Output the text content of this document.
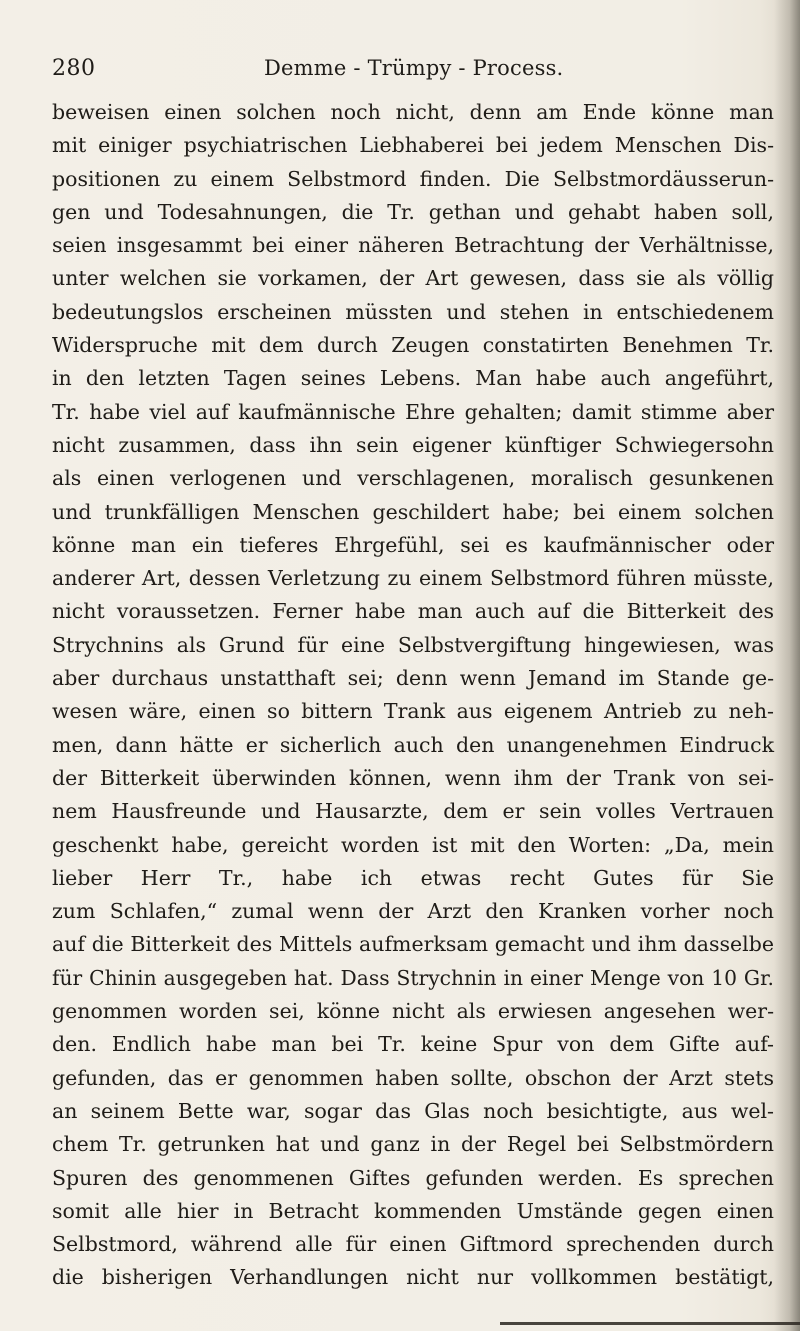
280	Demme - Trümpy - Process.
beweisen einen solchen noch nicht, denn am Ende könne man
mit einiger psychiatrischen Liebhaberei bei jedem Menschen Dis-
positionen zu einem Selbstmord finden. Die Selbstmordäusserun-
gen und Todesahnungen, die Tr. gethan und gehabt haben soll,
seien insgesammt bei einer näheren Betrachtung der Verhältnisse,
unter welchen sie vorkamen, der Art gewesen, dass sie als völlig
bedeutungslos erscheinen müssten und stehen in entschiedenem
Widerspruche mit dem durch Zeugen constatirten Benehmen Tr.
in den letzten Tagen seines Lebens. Man habe auch angeführt,
Tr. habe viel auf kaufmännische Ehre gehalten; damit stimme aber
nicht zusammen, dass ihn sein eigener künftiger Schwiegersohn
als einen verlogenen und verschlagenen, moralisch gesunkenen
und trunkfälligen Menschen geschildert habe; bei einem solchen
könne man ein tieferes Ehrgefühl, sei es kaufmännischer oder
anderer Art, dessen Verletzung zu einem Selbstmord führen müsste,
nicht voraussetzen. Ferner habe man auch auf die Bitterkeit des
Strychnins als Grund für eine Selbstvergiftung hingewiesen, was
aber durchaus unstatthaft sei; denn wenn Jemand im Stande ge-
wesen wäre, einen so bittern Trank aus eigenem Antrieb zu neh-
men, dann hätte er sicherlich auch den unangenehmen Eindruck
der Bitterkeit überwinden können, wenn ihm der Trank von sei-
nem Hausfreunde und Hausarzte, dem er sein volles Vertrauen
geschenkt habe, gereicht worden ist mit den Worten: „Da, mein
lieber Herr Tr., habe ich etwas recht Gutes für Sie
zum Schlafen,“ zumal wenn der Arzt den Kranken vorher noch
auf die Bitterkeit des Mittels aufmerksam gemacht und ihm dasselbe
für Chinin ausgegeben hat. Dass Strychnin in einer Menge von 10 Gr.
genommen worden sei, könne nicht als erwiesen angesehen wer-
den. Endlich habe man bei Tr. keine Spur von dem Gifte auf-
gefunden, das er genommen haben sollte, obschon der Arzt stets
an seinem Bette war, sogar das Glas noch besichtigte, aus wel-
chem Tr. getrunken hat und ganz in der Regel bei Selbstmördern
Spuren des genommenen Giftes gefunden werden. Es sprechen
somit alle hier in Betracht kommenden Umstände gegen einen
Selbstmord, während alle für einen Giftmord sprechenden durch
die bisherigen Verhandlungen nicht nur vollkommen bestätigt,
